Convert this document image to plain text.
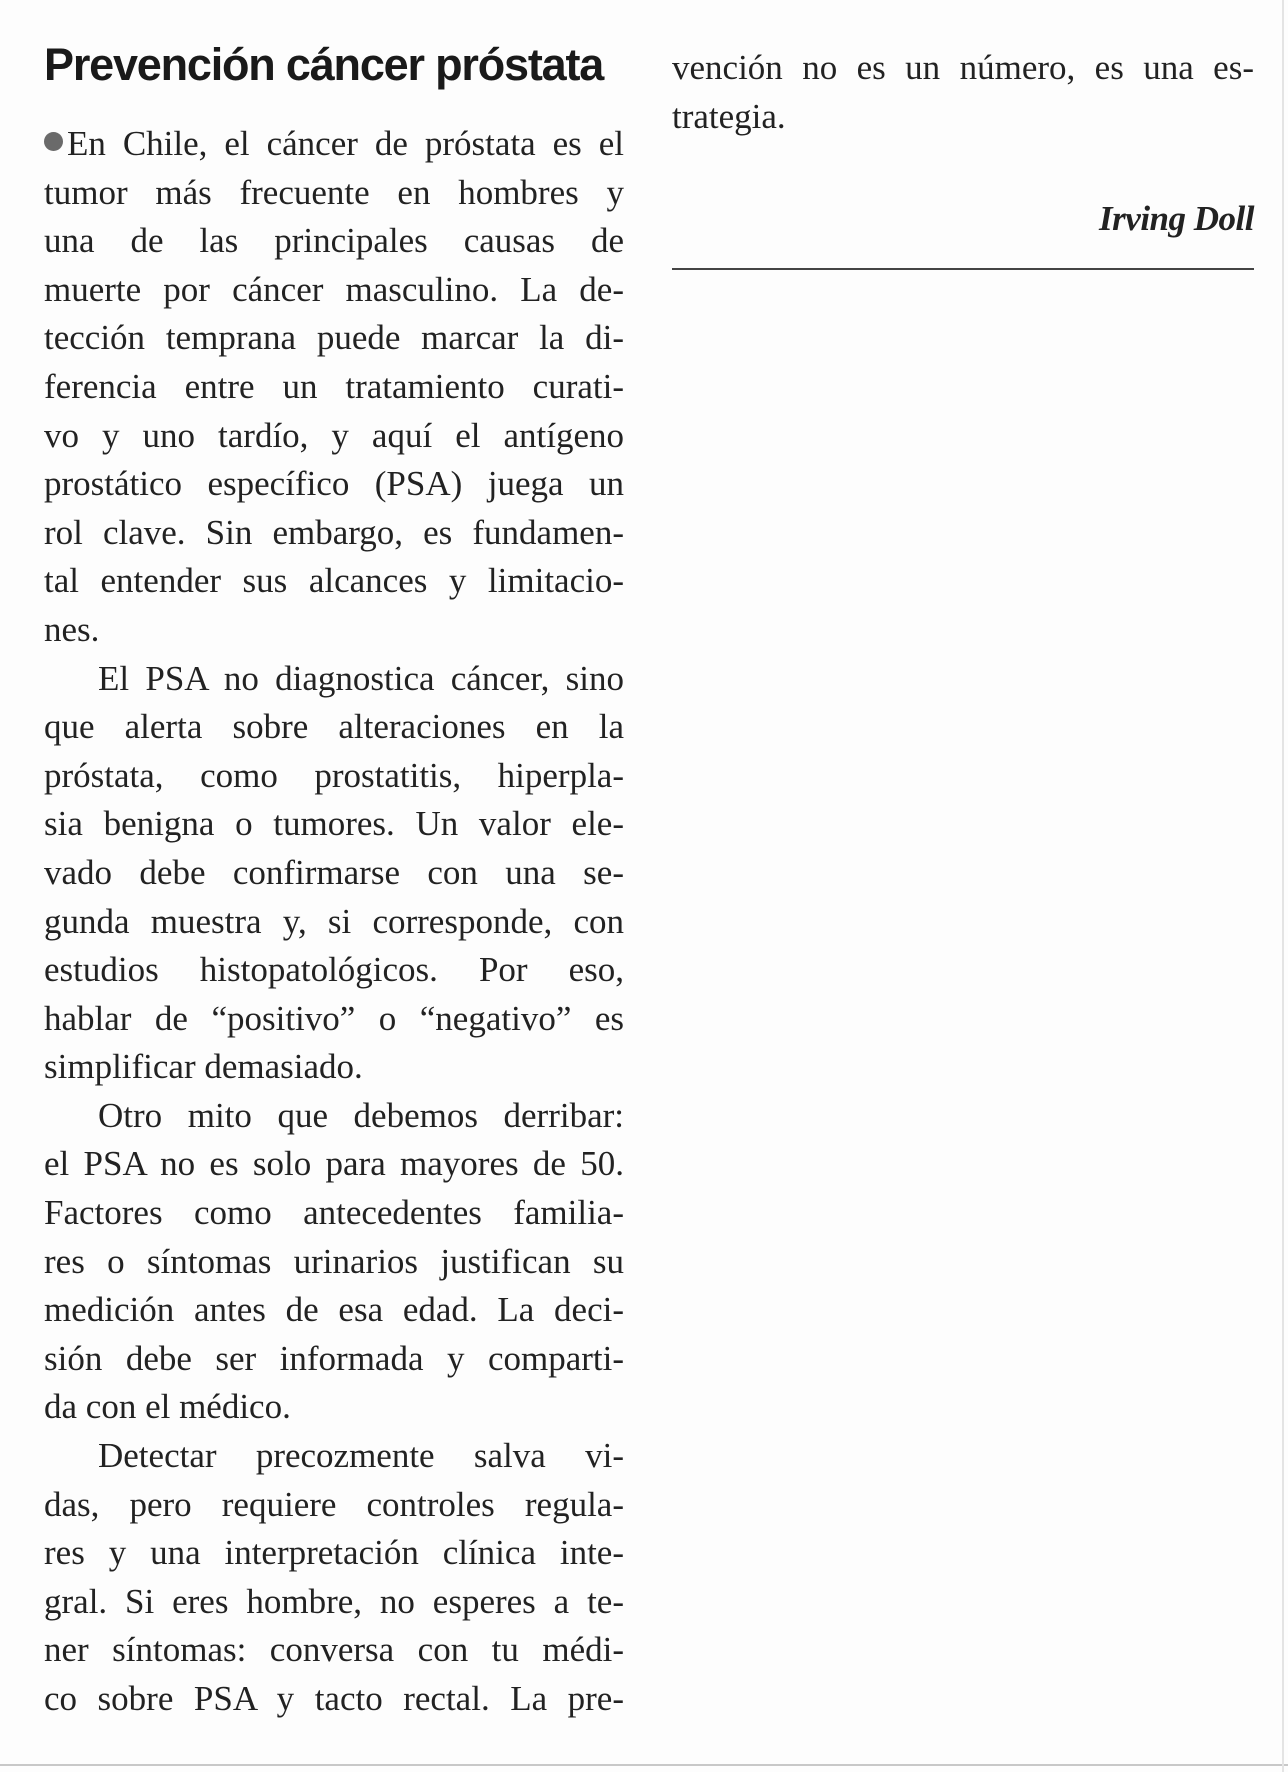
Prevención cáncer próstata
En Chile, el cáncer de próstata es el
tumor más frecuente en hombres y
una de las principales causas de
muerte por cáncer masculino. La de-
tección temprana puede marcar la di-
ferencia entre un tratamiento curati-
vo y uno tardío, y aquí el antígeno
prostático específico (PSA) juega un
rol clave. Sin embargo, es fundamen-
tal entender sus alcances y limitacio-
nes.
El PSA no diagnostica cáncer, sino
que alerta sobre alteraciones en la
próstata, como prostatitis, hiperpla-
sia benigna o tumores. Un valor ele-
vado debe confirmarse con una se-
gunda muestra y, si corresponde, con
estudios histopatológicos. Por eso,
hablar de “positivo” o “negativo” es
simplificar demasiado.
Otro mito que debemos derribar:
el PSA no es solo para mayores de 50.
Factores como antecedentes familia-
res o síntomas urinarios justifican su
medición antes de esa edad. La deci-
sión debe ser informada y comparti-
da con el médico.
Detectar precozmente salva vi-
das, pero requiere controles regula-
res y una interpretación clínica inte-
gral. Si eres hombre, no esperes a te-
ner síntomas: conversa con tu médi-
co sobre PSA y tacto rectal. La pre-
vención no es un número, es una es-
trategia.
Irving Doll
